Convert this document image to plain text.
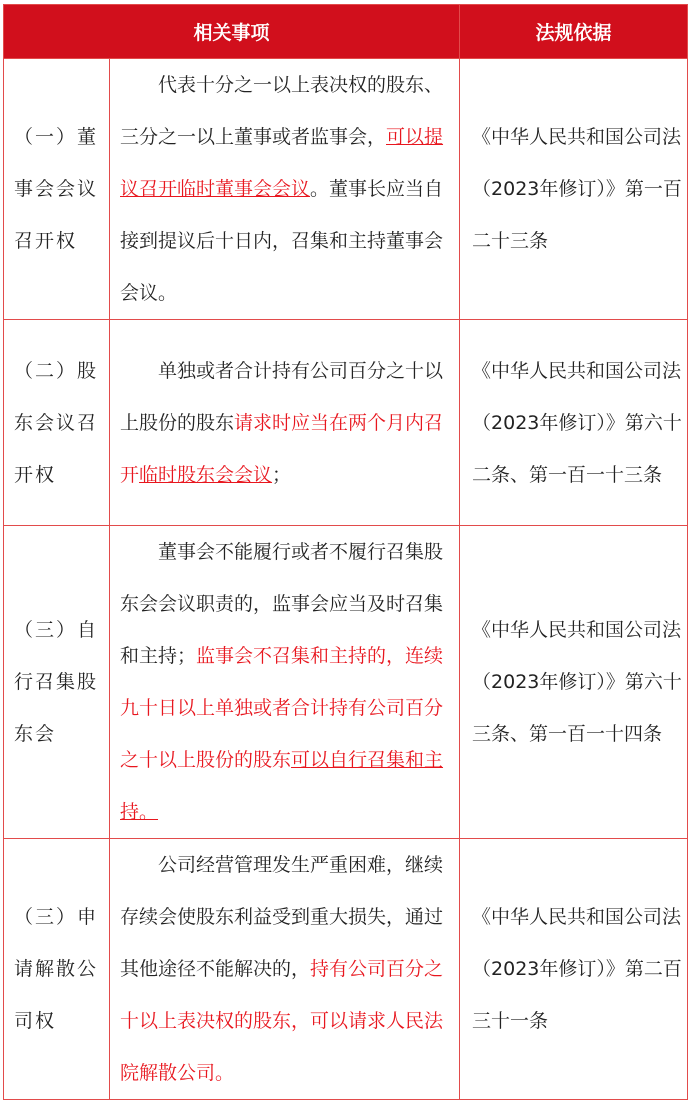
相关事项		法规依据
（一）董事会会议召开权	代表十分之一以上表决权的股东、三分之一以上董事或者监事会，可以提议召开临时董事会会议。董事长应当自接到提议后十日内，召集和主持董事会会议。	《中华人民共和国公司法（2023年修订）》第一百二十三条
（二）股东会议召开权	单独或者合计持有公司百分之十以上股份的股东请求时应当在两个月内召开临时股东会会议；	《中华人民共和国公司法（2023年修订）》第六十二条、第一百一十三条
（三）自行召集股东会	董事会不能履行或者不履行召集股东会会议职责的，监事会应当及时召集和主持；监事会不召集和主持的，连续九十日以上单独或者合计持有公司百分之十以上股份的股东可以自行召集和主持。	《中华人民共和国公司法（2023年修订）》第六十三条、第一百一十四条
（三）申请解散公司权	公司经营管理发生严重困难，继续存续会使股东利益受到重大损失，通过其他途径不能解决的，持有公司百分之十以上表决权的股东，可以请求人民法院解散公司。	《中华人民共和国公司法（2023年修订）》第二百三十一条
